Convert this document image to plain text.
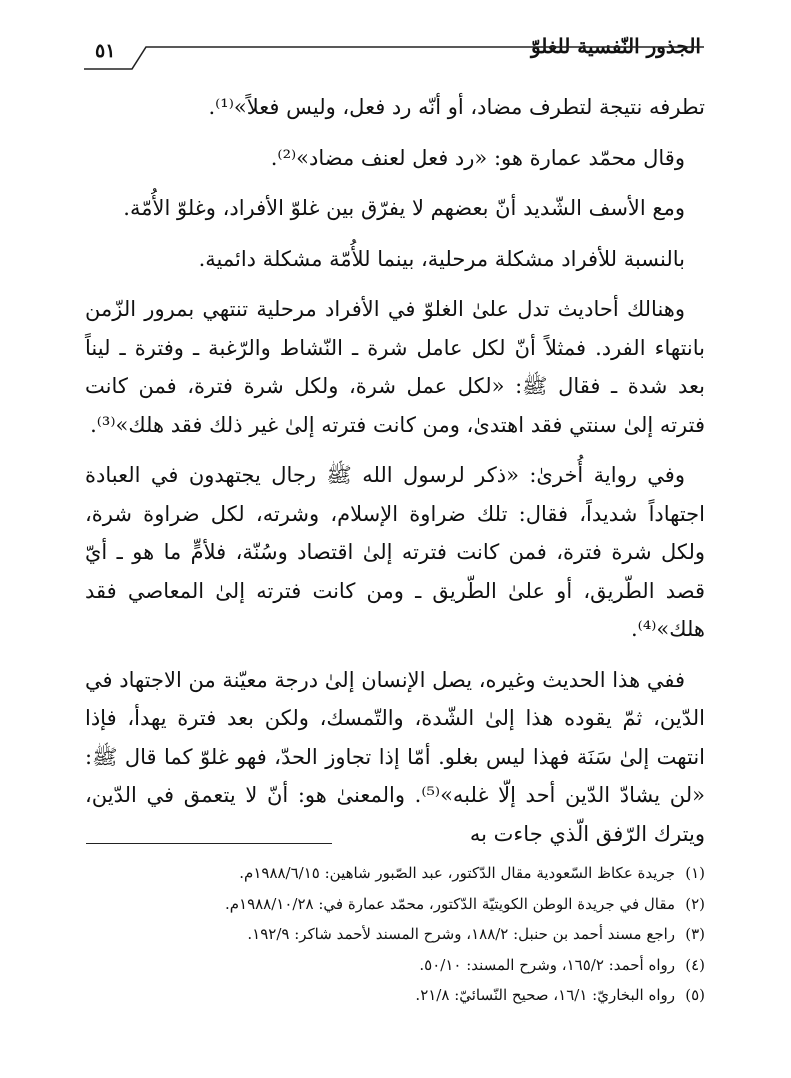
الجذور النّفسية للغلوّ
٥١

تطرفه نتيجة لتطرف مضاد، أو أنّه رد فعل، وليس فعلاً»⁽¹⁾.

وقال محمّد عمارة هو: «رد فعل لعنف مضاد»⁽²⁾.

ومع الأسف الشّديد أنّ بعضهم لا يفرّق بين غلوّ الأفراد، وغلوّ الأُمّة.

بالنسبة للأفراد مشكلة مرحلية، بينما للأُمّة مشكلة دائمية.

وهنالك أحاديث تدل علىٰ الغلوّ في الأفراد مرحلية تنتهي بمرور الزّمن بانتهاء الفرد. فمثلاً أنّ لكل عامل شرة ـ النّشاط والرّغبة ـ وفترة ـ ليناً بعد شدة ـ فقال ﷺ: «لكل عمل شرة، ولكل شرة فترة، فمن كانت فترته إلىٰ سنتي فقد اهتدىٰ، ومن كانت فترته إلىٰ غير ذلك فقد هلك»⁽³⁾.

وفي رواية أُخرىٰ: «ذكر لرسول الله ﷺ رجال يجتهدون في العبادة اجتهاداً شديداً، فقال: تلك ضراوة الإسلام، وشرته، لكل ضراوة شرة، ولكل شرة فترة، فمن كانت فترته إلىٰ اقتصاد وسُنّة، فلأمٍّ ما هو ـ أيّ قصد الطّريق، أو علىٰ الطّريق ـ ومن كانت فترته إلىٰ المعاصي فقد هلك»⁽⁴⁾.

ففي هذا الحديث وغيره، يصل الإنسان إلىٰ درجة معيّنة من الاجتهاد في الدّين، ثمّ يقوده هذا إلىٰ الشّدة، والتّمسك، ولكن بعد فترة يهدأ، فإذا انتهت إلىٰ سَنَة فهذا ليس بغلو. أمّا إذا تجاوز الحدّ، فهو غلوّ كما قال ﷺ: «لن يشادّ الدّين أحد إلّا غلبه»⁽⁵⁾. والمعنىٰ هو: أنّ لا يتعمق في الدّين، ويترك الرّفق الّذي جاءت به

(١)
جريدة عكاظ السّعودية مقال الدّكتور، عبد الصّبور شاهين: ١٩٨٨/٦/١٥م.
(٢)
مقال في جريدة الوطن الكويتيّة الدّكتور، محمّد عمارة في: ١٩٨٨/١٠/٢٨م.
(٣)
راجع مسند أحمد بن حنبل: ١٨٨/٢، وشرح المسند لأحمد شاكر: ١٩٢/٩.
(٤)
رواه أحمد: ١٦٥/٢، وشرح المسند: ٥٠/١٠.
(٥)
رواه البخاريّ: ١٦/١، صحيح النّسائيّ: ٢١/٨.
